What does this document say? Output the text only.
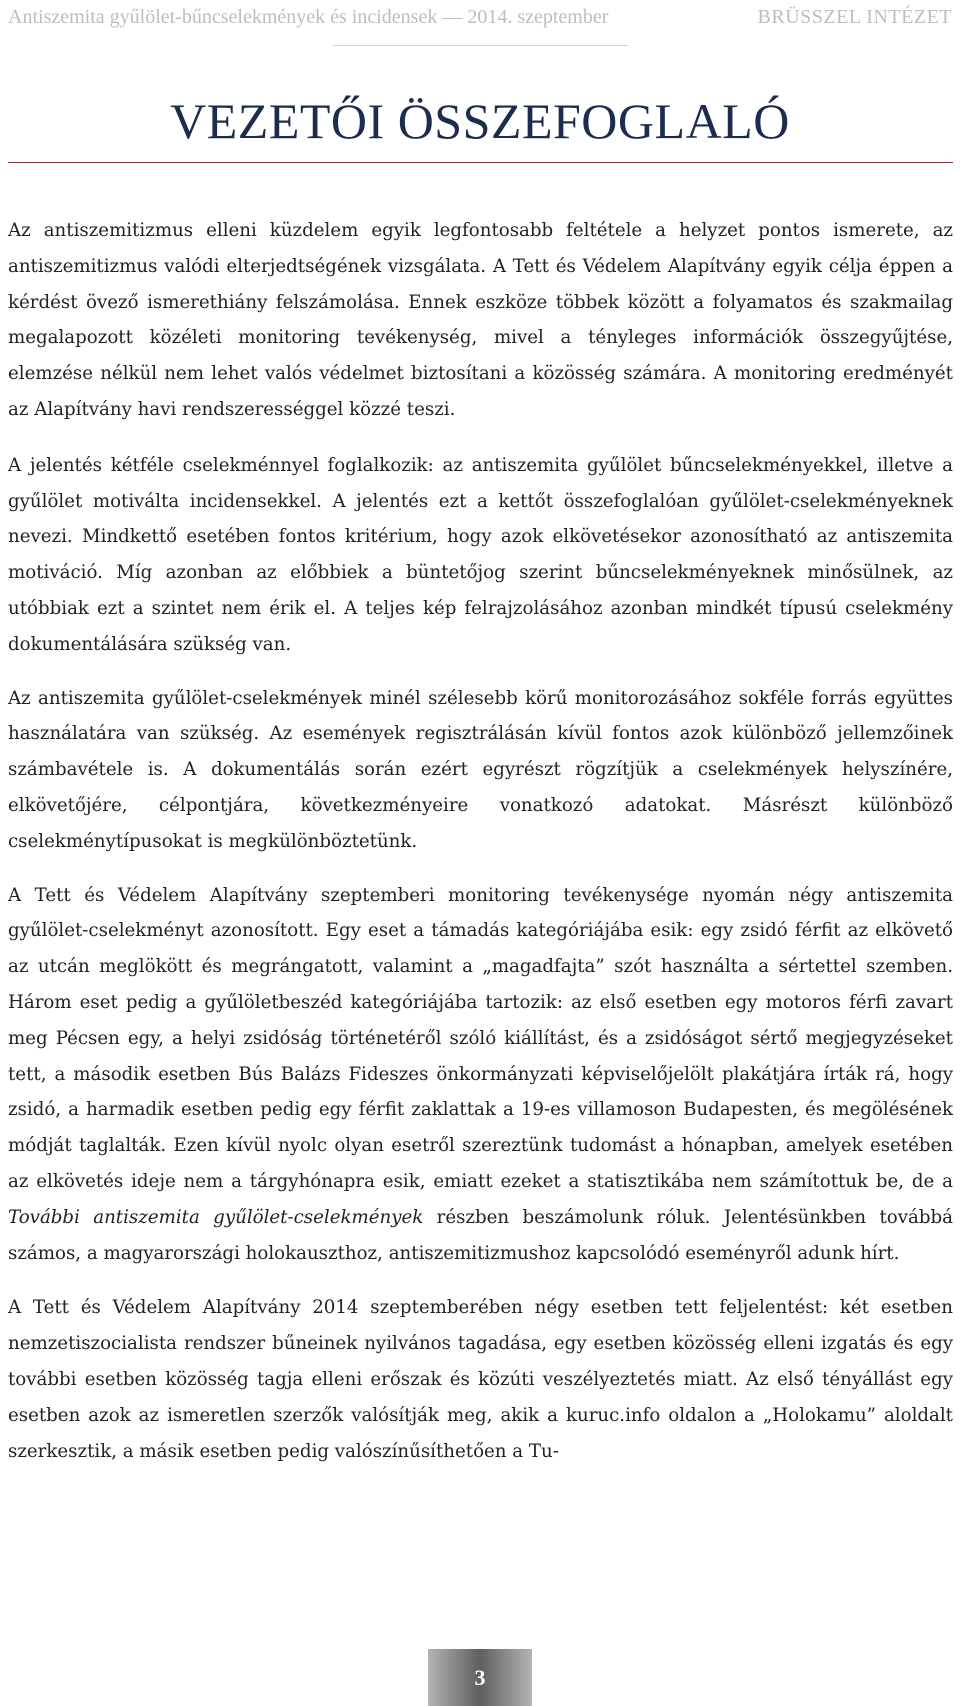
Antiszemita gyűlölet-bűncselekmények és incidensek — 2014. szeptember	BRÜSSZEL INTÉZET
VEZETŐI ÖSSZEFOGLALÓ

Az antiszemitizmus elleni küzdelem egyik legfontosabb feltétele a helyzet pontos ismerete, az antiszemitizmus valódi elterjedtségének vizsgálata. A Tett és Védelem Alapítvány egyik célja éppen a kérdést övező ismerethiány felszámolása. Ennek eszköze többek között a folyamatos és szakmailag megalapozott közéleti monitoring tevékenység, mivel a tényleges információk összegyűjtése, elemzése nélkül nem lehet valós védelmet biztosítani a közösség számára. A monitoring eredményét az Alapítvány havi rendszerességgel közzé teszi.

A jelentés kétféle cselekménnyel foglalkozik: az antiszemita gyűlölet bűncselekményekkel, illetve a gyűlölet motiválta incidensekkel. A jelentés ezt a kettőt összefoglalóan gyűlölet-cselekményeknek nevezi. Mindkettő esetében fontos kritérium, hogy azok elkövetésekor azonosítható az antiszemita motiváció. Míg azonban az előbbiek a büntetőjog szerint bűncselekményeknek minősülnek, az utóbbiak ezt a szintet nem érik el. A teljes kép felrajzolásához azonban mindkét típusú cselekmény dokumentálására szükség van.

Az antiszemita gyűlölet-cselekmények minél szélesebb körű monitorozásához sokféle forrás együttes használatára van szükség. Az események regisztrálásán kívül fontos azok különböző jellemzőinek számbavétele is. A dokumentálás során ezért egyrészt rögzítjük a cselekmények helyszínére, elkövetőjére, célpontjára, következményeire vonatkozó adatokat. Másrészt különböző cselekménytípusokat is megkülönböztetünk.

A Tett és Védelem Alapítvány szeptemberi monitoring tevékenysége nyomán négy antiszemita gyűlölet-cselekményt azonosított. Egy eset a támadás kategóriájába esik: egy zsidó férfit az elkövető az utcán meglökött és megrángatott, valamint a „magadfajta” szót használta a sértettel szemben. Három eset pedig a gyűlöletbeszéd kategóriájába tartozik: az első esetben egy motoros férfi zavart meg Pécsen egy, a helyi zsidóság történetéről szóló kiállítást, és a zsidóságot sértő megjegyzéseket tett, a második esetben Bús Balázs Fideszes önkormányzati képviselőjelölt plakátjára írták rá, hogy zsidó, a harmadik esetben pedig egy férfit zaklattak a 19-es villamoson Budapesten, és megölésének módját taglalták. Ezen kívül nyolc olyan esetről szereztünk tudomást a hónapban, amelyek esetében az elkövetés ideje nem a tárgyhónapra esik, emiatt ezeket a statisztikába nem számítottuk be, de a További antiszemita gyűlölet-cselekmények részben beszámolunk róluk. Jelentésünkben továbbá számos, a magyarországi holokauszthoz, antiszemitizmushoz kapcsolódó eseményről adunk hírt.

A Tett és Védelem Alapítvány 2014 szeptemberében négy esetben tett feljelentést: két esetben nemzetiszocialista rendszer bűneinek nyilvános tagadása, egy esetben közösség elleni izgatás és egy további esetben közösség tagja elleni erőszak és közúti veszélyeztetés miatt. Az első tényállást egy esetben azok az ismeretlen szerzők valósítják meg, akik a kuruc.info oldalon a „Holokamu” aloldalt szerkesztik, a másik esetben pedig valószínűsíthetően a Tu-

3
